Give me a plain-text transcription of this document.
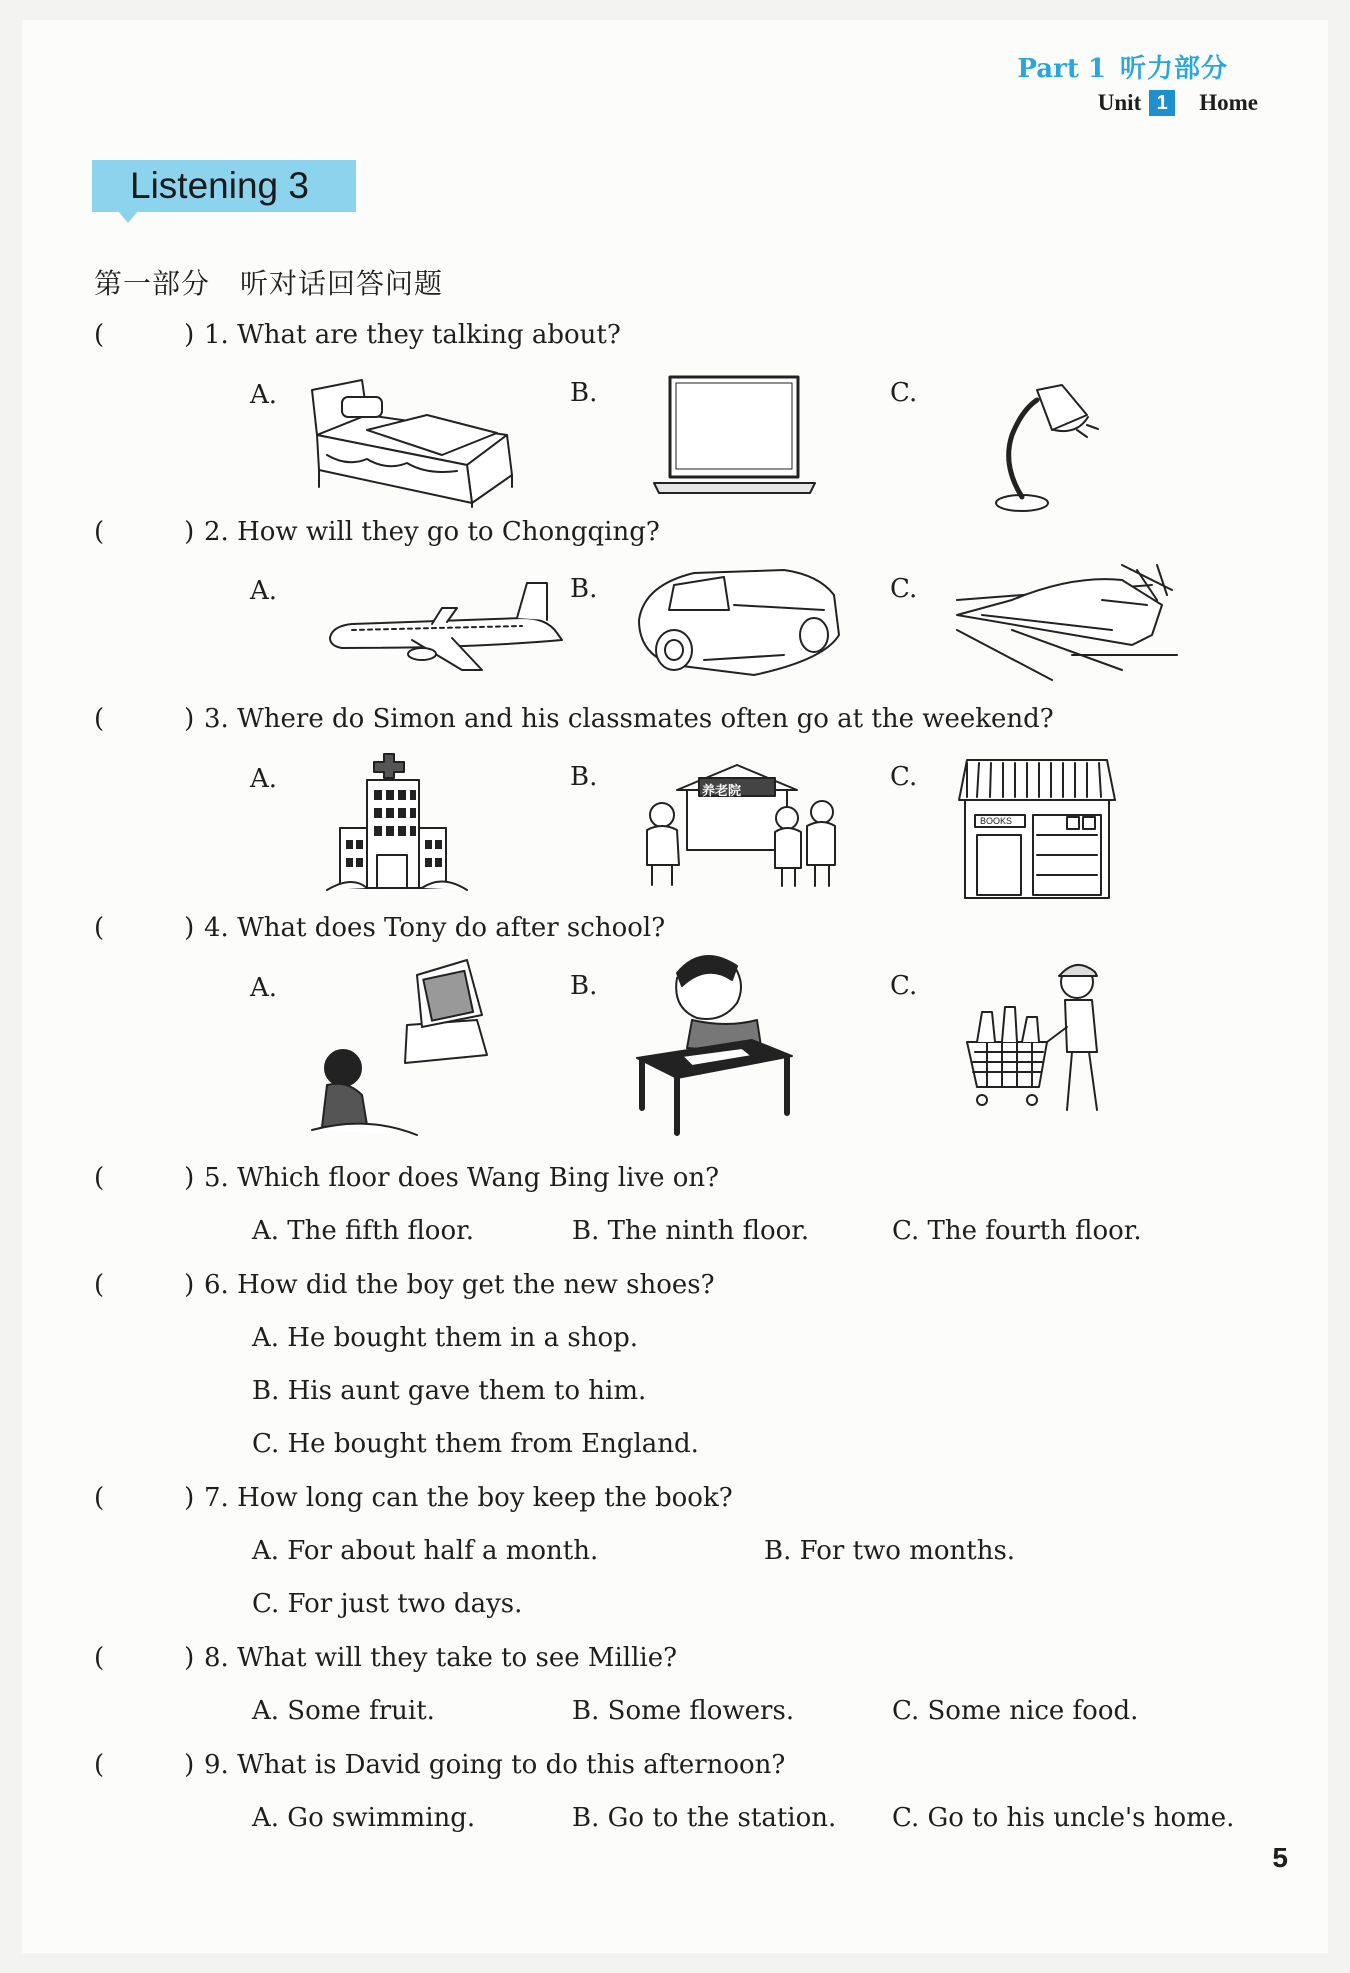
Part 1 听力部分
Unit 1	Home
Listening 3
第一部分 听对话回答问题
(	) 1. What are they talking about?
A.	B.	C.
(	) 2. How will they go to Chongqing?
A.	B.	C.
(	) 3. Where do Simon and his classmates often go at the weekend?
A.	B.	C.
养老院
BOOKS
(	) 4. What does Tony do after school?
A.	B.	C.
(	) 5. Which floor does Wang Bing live on?
A. The fifth floor.	B. The ninth floor.	C. The fourth floor.
(	) 6. How did the boy get the new shoes?
A. He bought them in a shop.
B. His aunt gave them to him.
C. He bought them from England.
(	) 7. How long can the boy keep the book?
A. For about half a month.	B. For two months.
C. For just two days.
(	) 8. What will they take to see Millie?
A. Some fruit.	B. Some flowers.	C. Some nice food.
(	) 9. What is David going to do this afternoon?
A. Go swimming.	B. Go to the station. C. Go to his uncle's home.
5
